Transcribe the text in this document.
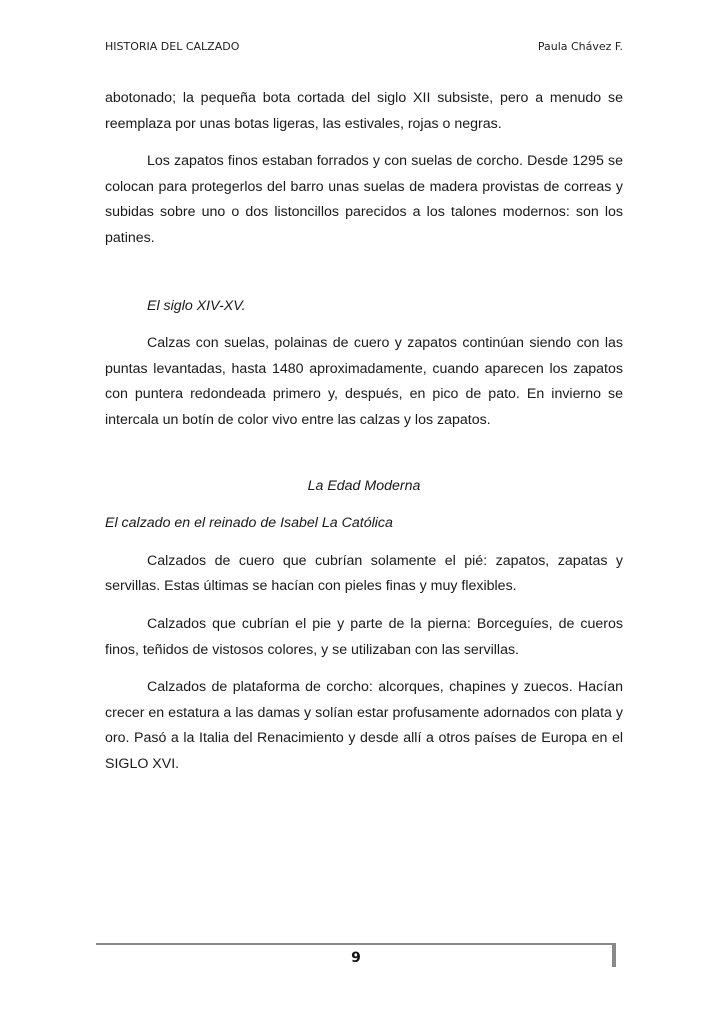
HISTORIA DEL CALZADO	Paula Chávez F.

abotonado; la pequeña bota cortada del siglo XII subsiste, pero a menudo se reemplaza por unas botas ligeras, las estivales, rojas o negras.

Los zapatos finos estaban forrados y con suelas de corcho. Desde 1295 se colocan para protegerlos del barro unas suelas de madera provistas de correas y subidas sobre uno o dos listoncillos parecidos a los talones modernos: son los patines.

El siglo XIV-XV.

Calzas con suelas, polainas de cuero y zapatos continúan siendo con las puntas levantadas, hasta 1480 aproximadamente, cuando aparecen los zapatos con puntera redondeada primero y, después, en pico de pato. En invierno se intercala un botín de color vivo entre las calzas y los zapatos.

La Edad Moderna

El calzado en el reinado de Isabel La Católica

Calzados de cuero que cubrían solamente el pié: zapatos, zapatas y servillas. Estas últimas se hacían con pieles finas y muy flexibles.

Calzados que cubrían el pie y parte de la pierna: Borceguíes, de cueros finos, teñidos de vistosos colores, y se utilizaban con las servillas.

Calzados de plataforma de corcho: alcorques, chapines y zuecos. Hacían crecer en estatura a las damas y solían estar profusamente adornados con plata y oro. Pasó a la Italia del Renacimiento y desde allí a otros países de Europa en el SIGLO XVI.

9
